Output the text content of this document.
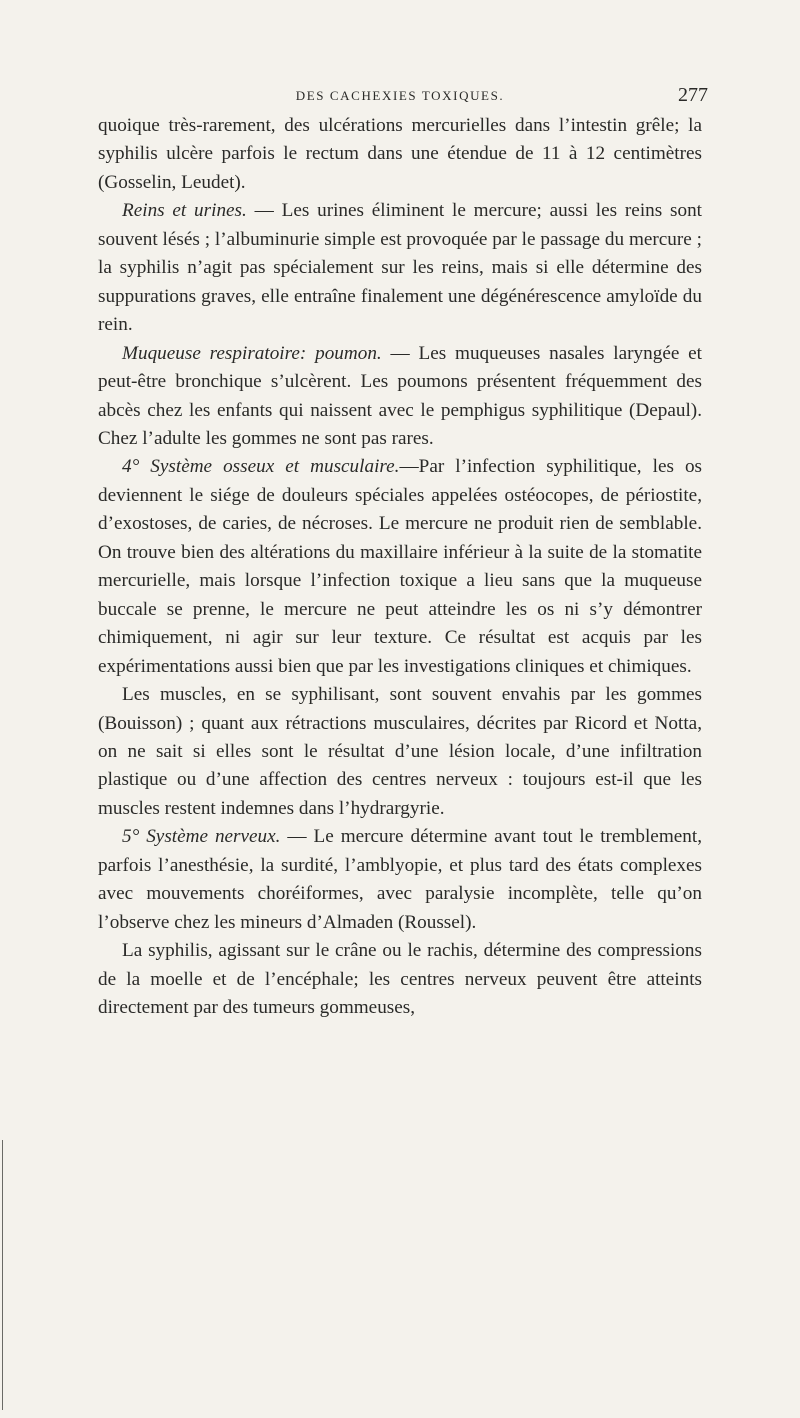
DES CACHEXIES TOXIQUES.	277

quoique très-rarement, des ulcérations mercurielles dans l’intestin grêle; la syphilis ulcère parfois le rectum dans une étendue de 11 à 12 centimètres (Gosselin, Leudet).

Reins et urines. — Les urines éliminent le mercure; aussi les reins sont souvent lésés ; l’albuminurie simple est provoquée par le passage du mercure ; la syphilis n’agit pas spécialement sur les reins, mais si elle détermine des suppurations graves, elle entraîne finalement une dégénérescence amyloïde du rein.

Muqueuse respiratoire: poumon. — Les muqueuses nasales laryngée et peut-être bronchique s’ulcèrent. Les poumons présentent fréquemment des abcès chez les enfants qui naissent avec le pemphigus syphilitique (Depaul). Chez l’adulte les gommes ne sont pas rares.

4° Système osseux et musculaire.—Par l’infection syphilitique, les os deviennent le siége de douleurs spéciales appelées ostéocopes, de périostite, d’exostoses, de caries, de nécroses. Le mercure ne produit rien de semblable. On trouve bien des altérations du maxillaire inférieur à la suite de la stomatite mercurielle, mais lorsque l’infection toxique a lieu sans que la muqueuse buccale se prenne, le mercure ne peut atteindre les os ni s’y démontrer chimiquement, ni agir sur leur texture. Ce résultat est acquis par les expérimentations aussi bien que par les investigations cliniques et chimiques.

Les muscles, en se syphilisant, sont souvent envahis par les gommes (Bouisson) ; quant aux rétractions musculaires, décrites par Ricord et Notta, on ne sait si elles sont le résultat d’une lésion locale, d’une infiltration plastique ou d’une affection des centres nerveux : toujours est-il que les muscles restent indemnes dans l’hydrargyrie.

5° Système nerveux. — Le mercure détermine avant tout le tremblement, parfois l’anesthésie, la surdité, l’amblyopie, et plus tard des états complexes avec mouvements choréiformes, avec paralysie incomplète, telle qu’on l’observe chez les mineurs d’Almaden (Roussel).

La syphilis, agissant sur le crâne ou le rachis, détermine des compressions de la moelle et de l’encéphale; les centres nerveux peuvent être atteints directement par des tumeurs gommeuses,
